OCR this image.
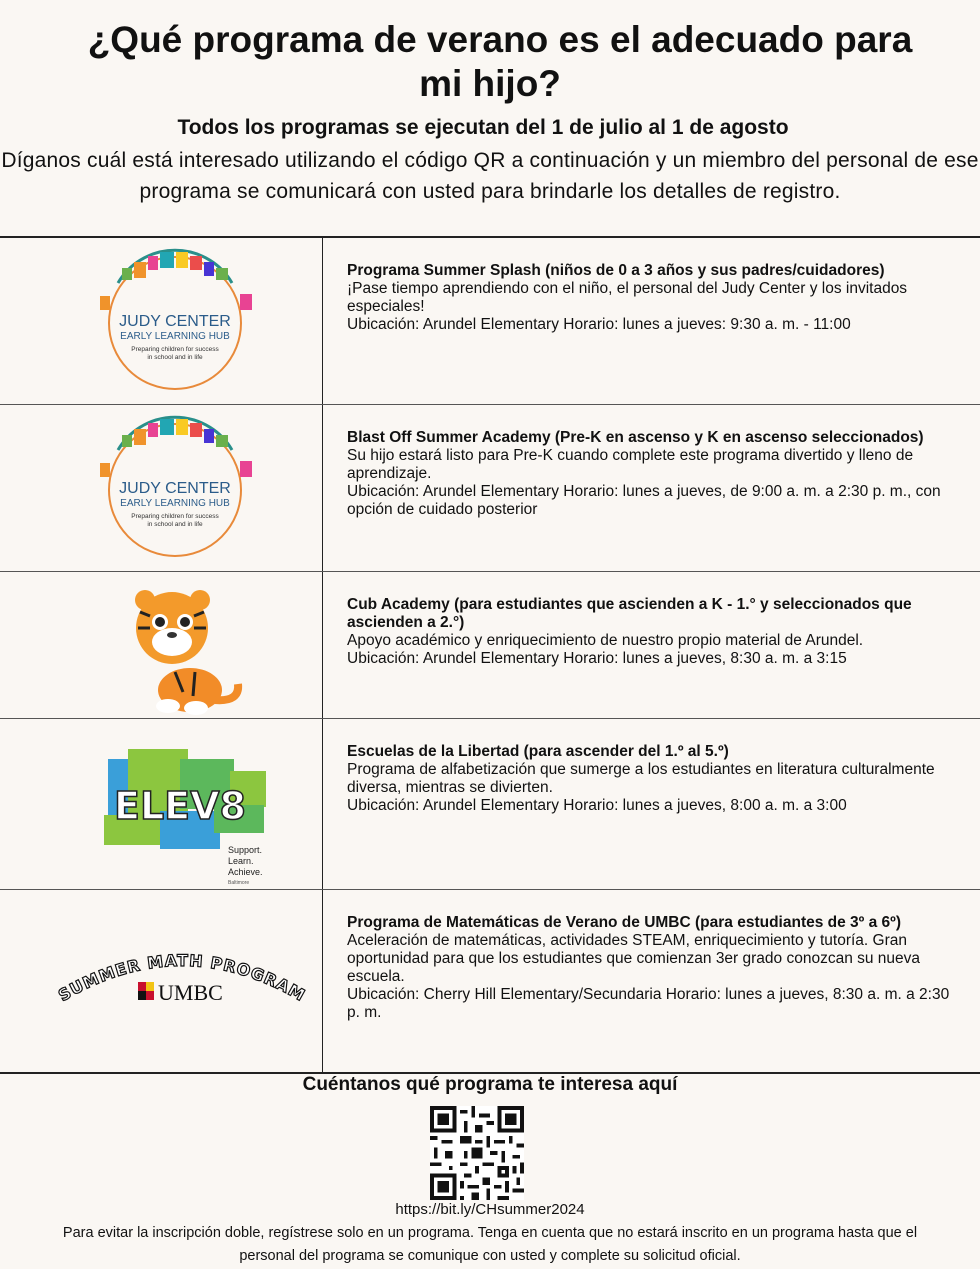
¿Qué programa de verano es el adecuado para
mi hijo?

Todos los programas se ejecutan del 1 de julio al 1 de agosto

Díganos cuál está interesado utilizando el código QR a continuación y un miembro del personal de ese programa se comunicará con usted para brindarle los detalles de registro.

JUDY CENTER
EARLY LEARNING HUB
Preparing children for success
in school and in life
Programa Summer Splash (niños de 0 a 3 años y sus padres/cuidadores)
¡Pase tiempo aprendiendo con el niño, el personal del Judy Center y los invitados especiales!
Ubicación: Arundel Elementary Horario: lunes a jueves: 9:30 a. m. - 11:00
JUDY CENTER
EARLY LEARNING HUB
Preparing children for success
in school and in life
Blast Off Summer Academy (Pre-K en ascenso y K en ascenso seleccionados)
Su hijo estará listo para Pre-K cuando complete este programa divertido y lleno de aprendizaje.
Ubicación: Arundel Elementary Horario: lunes a jueves, de 9:00 a. m. a 2:30 p. m., con opción de cuidado posterior
Cub Academy (para estudiantes que ascienden a K - 1.° y seleccionados que ascienden a 2.°)
Apoyo académico y enriquecimiento de nuestro propio material de Arundel.
Ubicación: Arundel Elementary Horario: lunes a jueves, 8:30 a. m. a 3:15
ELEV8
Support.
Learn.
Achieve.
Baltimore
Escuelas de la Libertad (para ascender del 1.º al 5.º)
Programa de alfabetización que sumerge a los estudiantes en literatura culturalmente diversa, mientras se divierten.
Ubicación: Arundel Elementary Horario: lunes a jueves, 8:00 a. m. a 3:00
SUMMER MATH PROGRAM
UMBC
Programa de Matemáticas de Verano de UMBC (para estudiantes de 3º a 6º)
Aceleración de matemáticas, actividades STEAM, enriquecimiento y tutoría. Gran oportunidad para que los estudiantes que comienzan 3er grado conozcan su nueva escuela.
Ubicación: Cherry Hill Elementary/Secundaria Horario: lunes a jueves, 8:30 a. m. a 2:30 p. m.

Cuéntanos qué programa te interesa aquí

https://bit.ly/CHsummer2024
Para evitar la inscripción doble, regístrese solo en un programa. Tenga en cuenta que no estará inscrito en un programa hasta que el personal del programa se comunique con usted y complete su solicitud oficial.
